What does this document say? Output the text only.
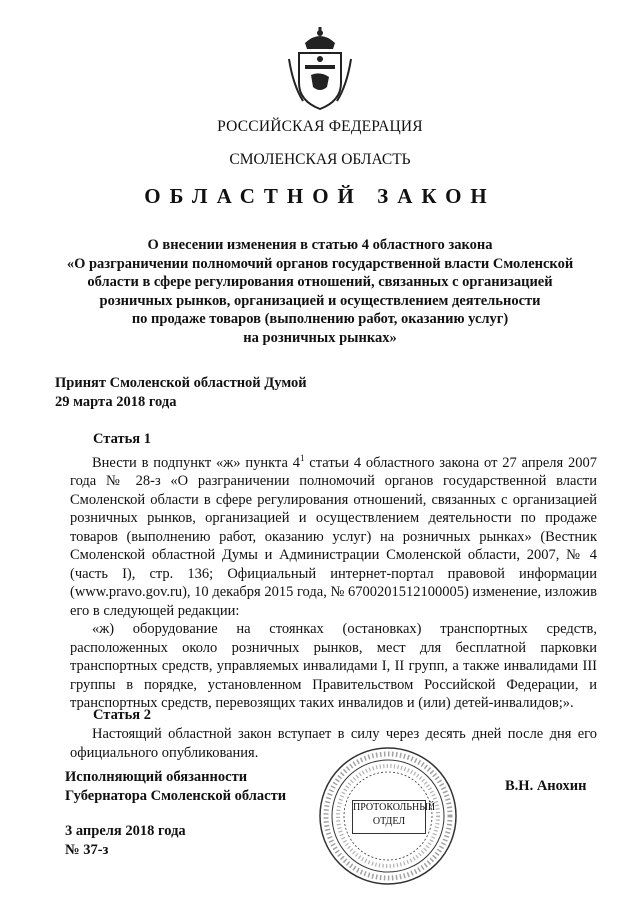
РОССИЙСКАЯ ФЕДЕРАЦИЯ
СМОЛЕНСКАЯ ОБЛАСТЬ
ОБЛАСТНОЙ ЗАКОН
О внесении изменения в статью 4 областного закона
«О разграничении полномочий органов государственной власти Смоленской
области в сфере регулирования отношений, связанных с организацией
розничных рынков, организацией и осуществлением деятельности
по продаже товаров (выполнению работ, оказанию услуг)
на розничных рынках»
Принят Смоленской областной Думой
29 марта 2018 года
Статья 1

Внести в подпункт «ж» пункта $4^1$ статьи 4 областного закона от 27 апреля 2007 года № 28-з «О разграничении полномочий органов государственной власти Смоленской области в сфере регулирования отношений, связанных с организацией розничных рынков, организацией и осуществлением деятельности по продаже товаров (выполнению работ, оказанию услуг) на розничных рынках» (Вестник Смоленской областной Думы и Администрации Смоленской области, 2007, № 4 (часть I), стр. 136; Официальный интернет-портал правовой информации (www.pravo.gov.ru), 10 декабря 2015 года, № 6700201512100005) изменение, изложив его в следующей редакции:

«ж) оборудование на стоянках (остановках) транспортных средств, расположенных около розничных рынков, мест для бесплатной парковки транспортных средств, управляемых инвалидами I, II групп, а также инвалидами III группы в порядке, установленном Правительством Российской Федерации, и транспортных средств, перевозящих таких инвалидов и (или) детей-инвалидов;».

Статья 2

Настоящий областной закон вступает в силу через десять дней после дня его официального опубликования.

ПРОТОКОЛЬНЫЙ
ОТДЕЛ
Исполняющий обязанности
Губернатора Смоленской области
В.Н. Анохин
3 апреля 2018 года
№ 37-з
